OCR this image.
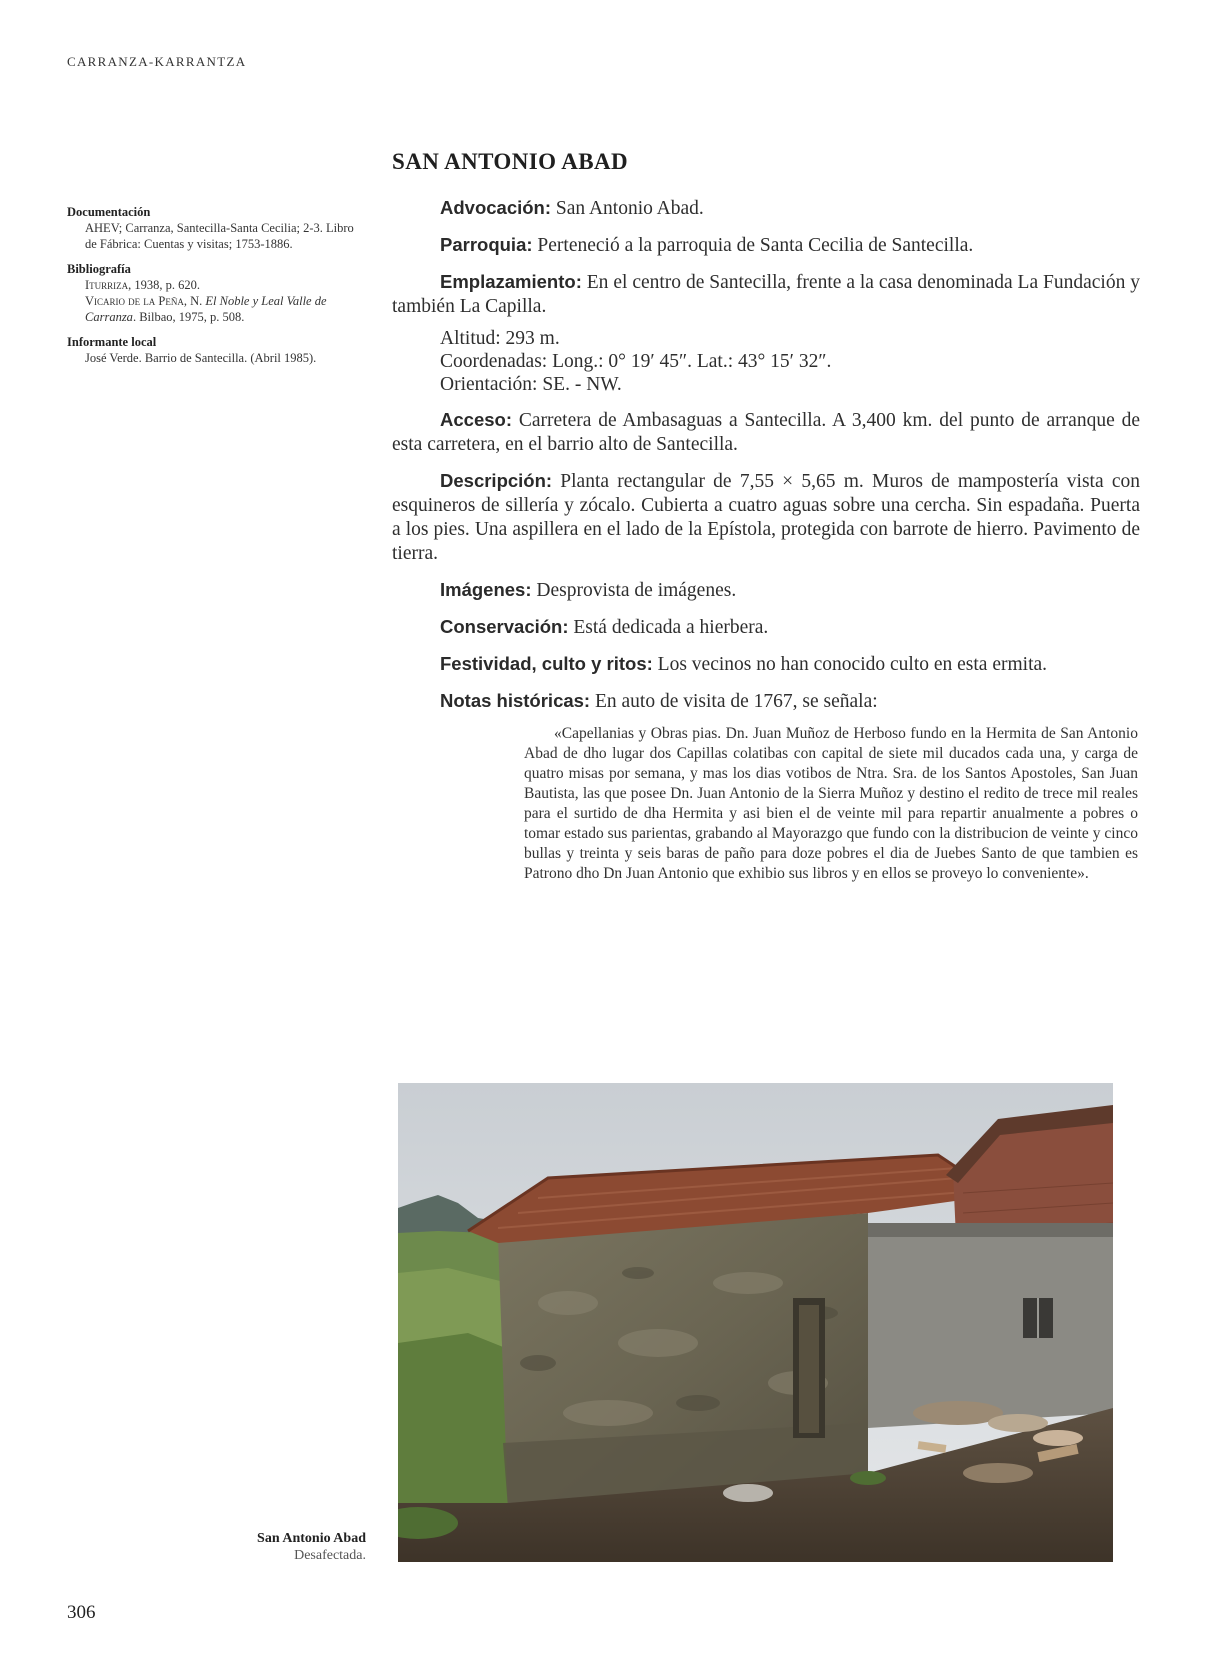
CARRANZA-KARRANTZA
Documentación
AHEV; Carranza, Santecilla-Santa Cecilia; 2-3. Libro de Fábrica: Cuentas y visitas; 1753-1886.
Bibliografía
Iturriza, 1938, p. 620.
Vicario de la Peña, N. El Noble y Leal Valle de Carranza. Bilbao, 1975, p. 508.
Informante local
José Verde. Barrio de Santecilla. (Abril 1985).
SAN ANTONIO ABAD

Advocación: San Antonio Abad.

Parroquia: Perteneció a la parroquia de Santa Cecilia de Santecilla.

Emplazamiento: En el centro de Santecilla, frente a la casa denominada La Fundación y también La Capilla.

Altitud: 293 m.
Coordenadas: Long.: 0° 19′ 45″. Lat.: 43° 15′ 32″.
Orientación: SE. - NW.

Acceso: Carretera de Ambasaguas a Santecilla. A 3,400 km. del punto de arranque de esta carretera, en el barrio alto de Santecilla.

Descripción: Planta rectangular de 7,55 × 5,65 m. Muros de mampostería vista con esquineros de sillería y zócalo. Cubierta a cuatro aguas sobre una cercha. Sin espadaña. Puerta a los pies. Una aspillera en el lado de la Epístola, protegida con barrote de hierro. Pavimento de tierra.

Imágenes: Desprovista de imágenes.

Conservación: Está dedicada a hierbera.

Festividad, culto y ritos: Los vecinos no han conocido culto en esta ermita.

Notas históricas: En auto de visita de 1767, se señala:

«Capellanias y Obras pias. Dn. Juan Muñoz de Herboso fundo en la Hermita de San Antonio Abad de dho lugar dos Capillas colatibas con capital de siete mil ducados cada una, y carga de quatro misas por semana, y mas los dias votibos de Ntra. Sra. de los Santos Apostoles, San Juan Bautista, las que posee Dn. Juan Antonio de la Sierra Muñoz y destino el redito de trece mil reales para el surtido de dha Hermita y asi bien el de veinte mil para repartir anualmente a pobres o tomar estado sus parientas, grabando al Mayorazgo que fundo con la distribucion de veinte y cinco bullas y treinta y seis baras de paño para doze pobres el dia de Juebes Santo de que tambien es Patrono dho Dn Juan Antonio que exhibio sus libros y en ellos se proveyo lo conveniente».
San Antonio Abad
Desafectada.
306
